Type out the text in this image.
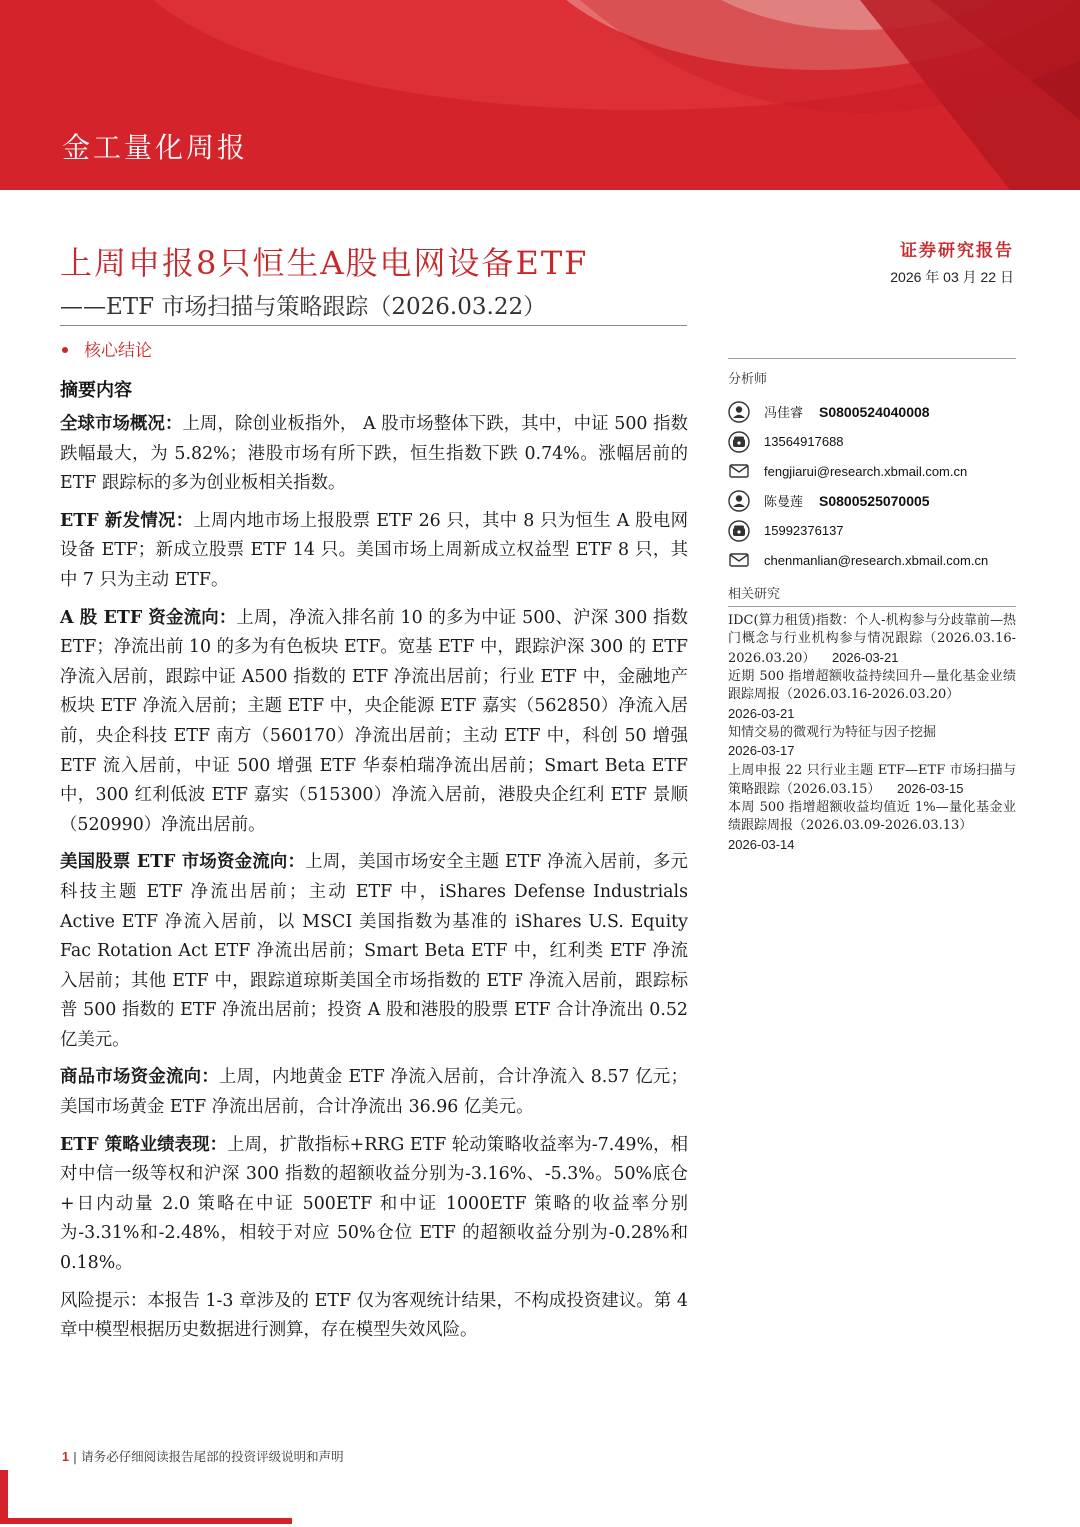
金工量化周报
上周申报8只恒生A股电网设备ETF
——ETF 市场扫描与策略跟踪（2026.03.22）
证券研究报告
2026 年 03 月 22 日
核心结论
摘要内容

全球市场概况：上周，除创业板指外， A 股市场整体下跌，其中，中证 500 指数跌幅最大，为 5.82%；港股市场有所下跌，恒生指数下跌 0.74%。涨幅居前的 ETF 跟踪标的多为创业板相关指数。

ETF 新发情况：上周内地市场上报股票 ETF 26 只，其中 8 只为恒生 A 股电网设备 ETF；新成立股票 ETF 14 只。美国市场上周新成立权益型 ETF 8 只，其中 7 只为主动 ETF。

A 股 ETF 资金流向：上周，净流入排名前 10 的多为中证 500、沪深 300 指数 ETF；净流出前 10 的多为有色板块 ETF。宽基 ETF 中，跟踪沪深 300 的 ETF 净流入居前，跟踪中证 A500 指数的 ETF 净流出居前；行业 ETF 中，金融地产板块 ETF 净流入居前；主题 ETF 中，央企能源 ETF 嘉实（562850）净流入居前，央企科技 ETF 南方（560170）净流出居前；主动 ETF 中，科创 50 增强 ETF 流入居前，中证 500 增强 ETF 华泰柏瑞净流出居前；Smart Beta ETF 中，300 红利低波 ETF 嘉实（515300）净流入居前，港股央企红利 ETF 景顺（520990）净流出居前。

美国股票 ETF 市场资金流向：上周，美国市场安全主题 ETF 净流入居前，多元科技主题 ETF 净流出居前；主动 ETF 中，iShares Defense Industrials Active ETF 净流入居前，以 MSCI 美国指数为基准的 iShares U.S. Equity Fac Rotation Act ETF 净流出居前；Smart Beta ETF 中，红利类 ETF 净流入居前；其他 ETF 中，跟踪道琼斯美国全市场指数的 ETF 净流入居前，跟踪标普 500 指数的 ETF 净流出居前；投资 A 股和港股的股票 ETF 合计净流出 0.52 亿美元。

商品市场资金流向：上周，内地黄金 ETF 净流入居前，合计净流入 8.57 亿元；美国市场黄金 ETF 净流出居前，合计净流出 36.96 亿美元。

ETF 策略业绩表现：上周，扩散指标+RRG ETF 轮动策略收益率为-7.49%，相对中信一级等权和沪深 300 指数的超额收益分别为-3.16%、-5.3%。50%底仓+日内动量 2.0 策略在中证 500ETF 和中证 1000ETF 策略的收益率分别为-3.31%和-2.48%，相较于对应 50%仓位 ETF 的超额收益分别为-0.28%和 0.18%。

风险提示：本报告 1-3 章涉及的 ETF 仅为客观统计结果，不构成投资建议。第 4 章中模型根据历史数据进行测算，存在模型失效风险。

分析师
冯佳睿 S0800524040008
13564917688
fengjiarui@research.xbmail.com.cn
陈曼莲 S0800525070005
15992376137
chenmanlian@research.xbmail.com.cn
相关研究
IDC(算力租赁)指数：个人-机构参与分歧靠前—热门概念与行业机构参与情况跟踪（2026.03.16-2026.03.20） 2026-03-21
近期 500 指增超额收益持续回升—量化基金业绩跟踪周报（2026.03.16-2026.03.20）
2026-03-21
知情交易的微观行为特征与因子挖掘
2026-03-17
上周申报 22 只行业主题 ETF—ETF 市场扫描与策略跟踪（2026.03.15） 2026-03-15
本周 500 指增超额收益均值近 1%—量化基金业绩跟踪周报（2026.03.09-2026.03.13）
2026-03-14
1 | 请务必仔细阅读报告尾部的投资评级说明和声明
